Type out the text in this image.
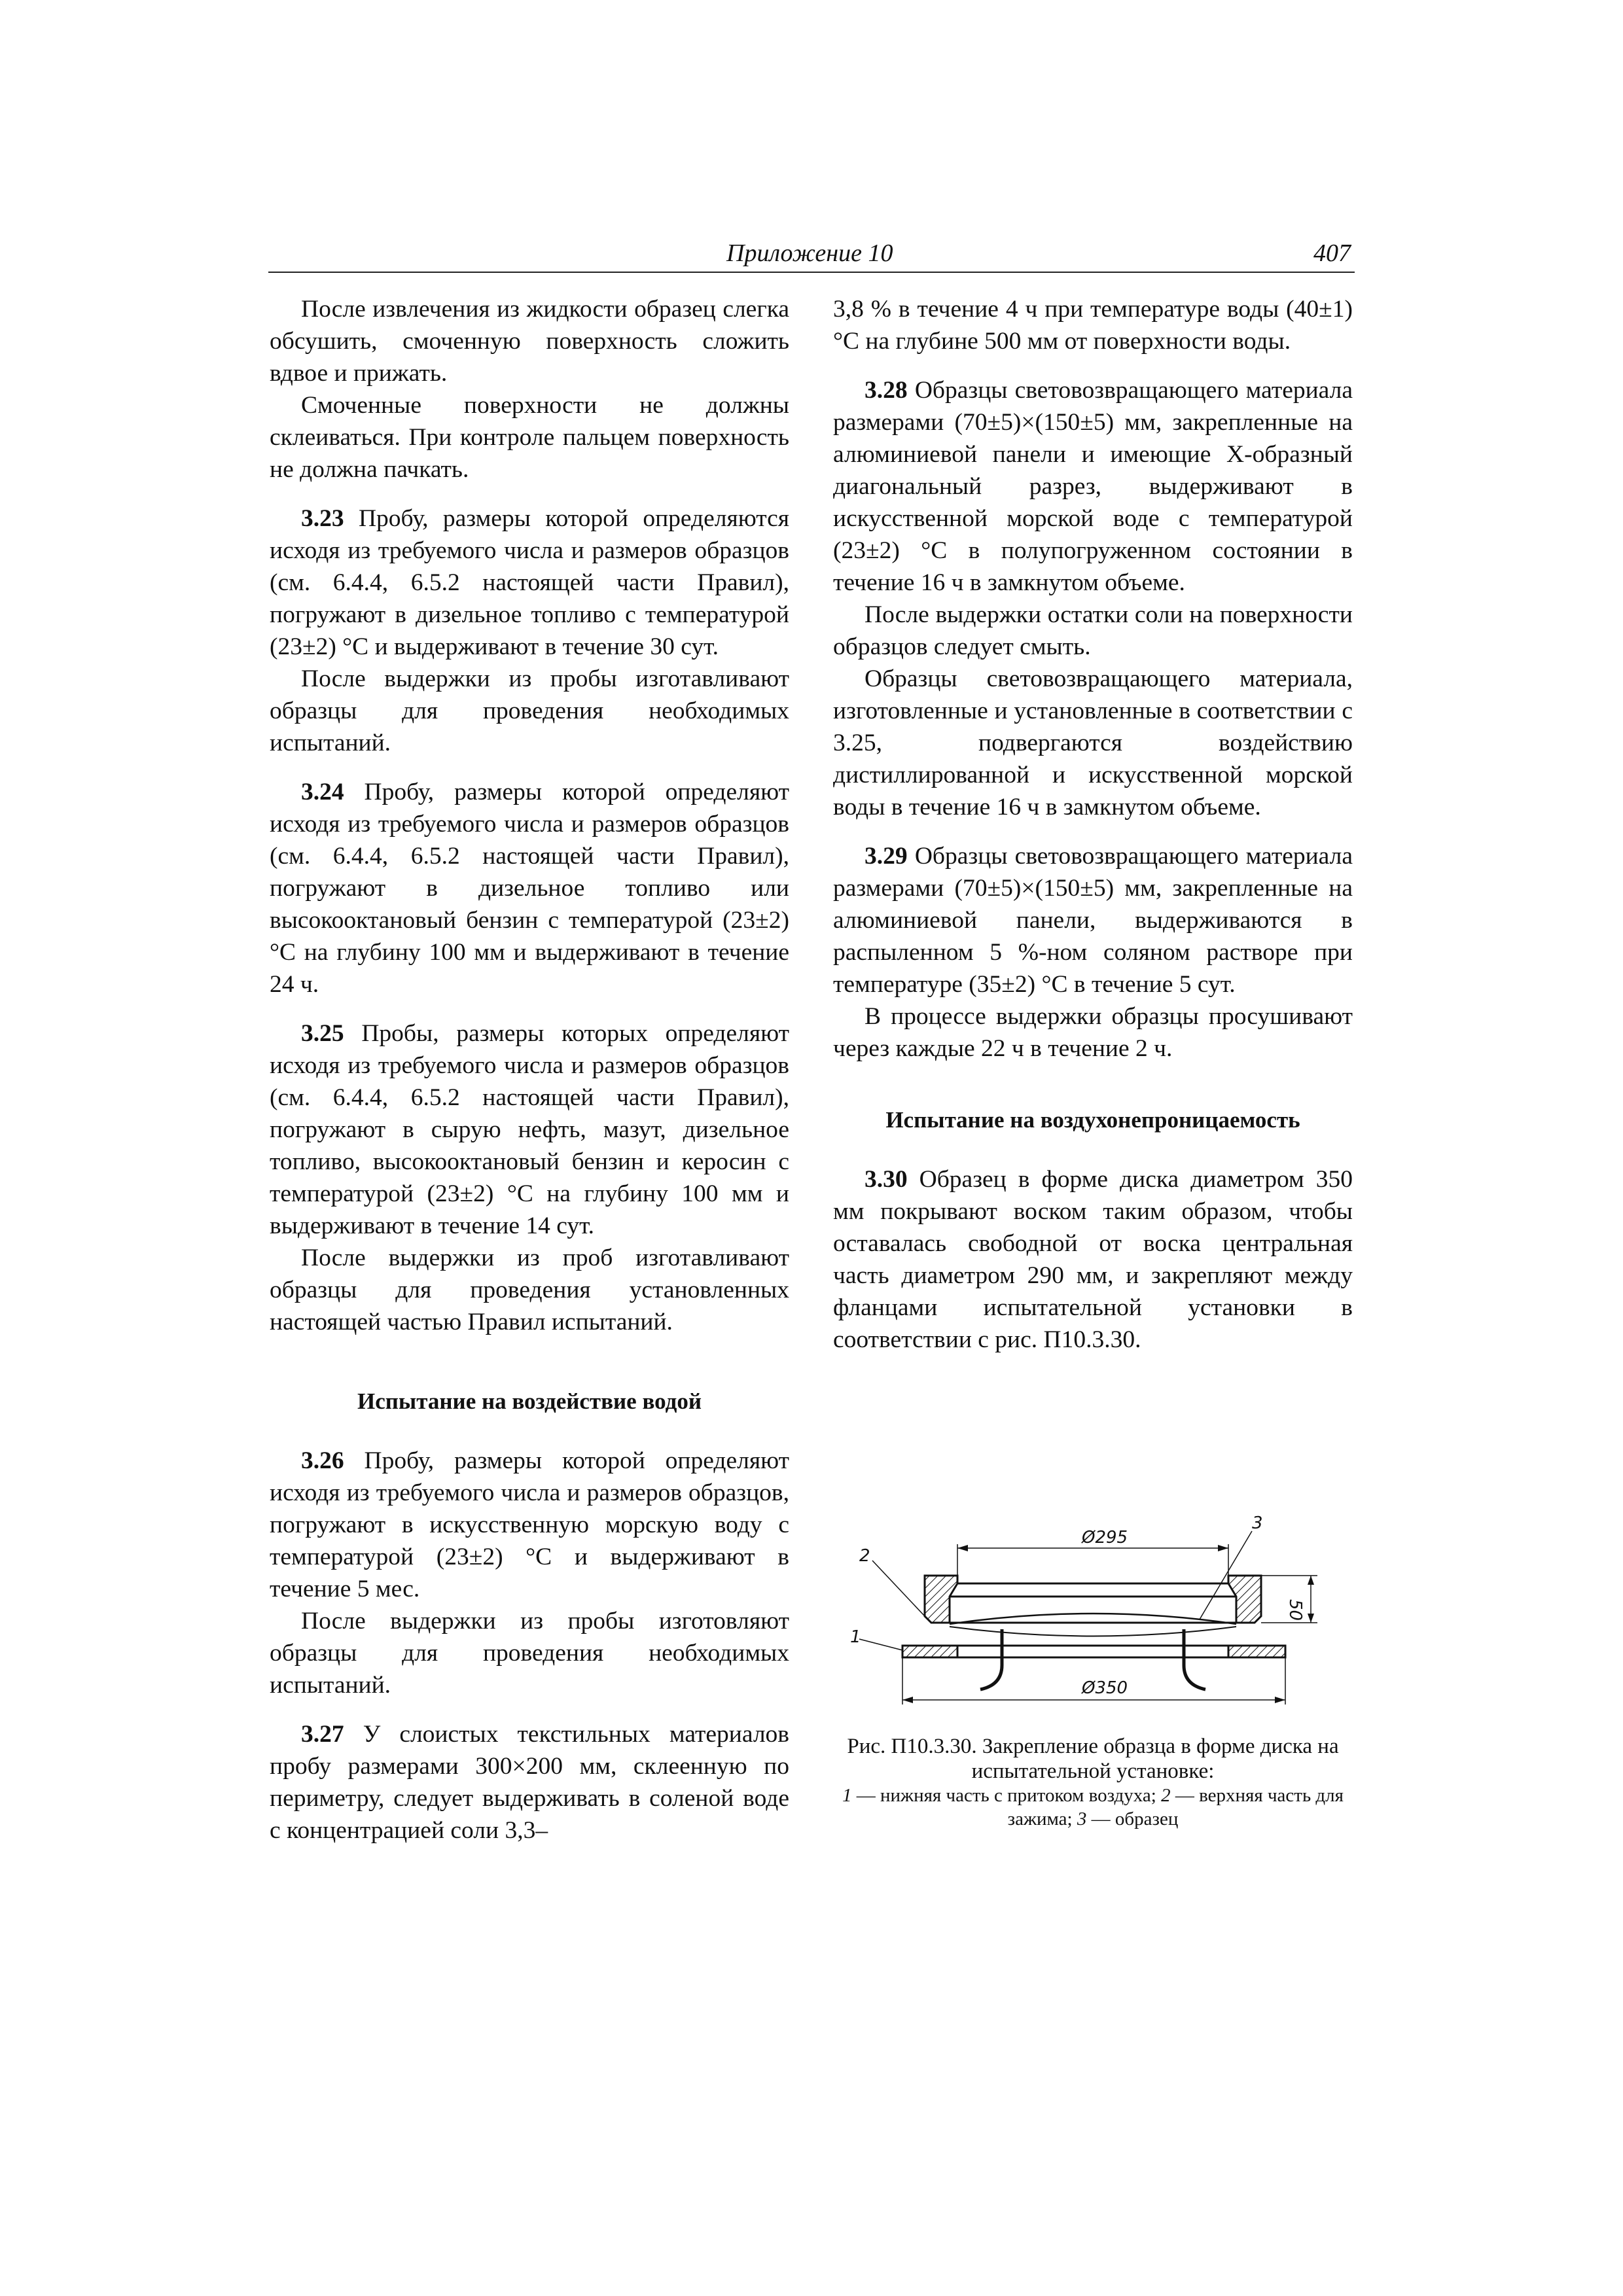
Приложение 10	407

После извлечения из жидкости образец слегка обсушить, смоченную поверхность сложить вдвое и прижать.

Смоченные поверхности не должны склеиваться. При контроле пальцем поверхность не должна пачкать.

3.23 Пробу, размеры которой определяются исходя из требуемого числа и размеров образцов (см. 6.4.4, 6.5.2 настоящей части Правил), погружают в дизельное топливо с температурой (23±2) °С и выдерживают в течение 30 сут.

После выдержки из пробы изготавливают образцы для проведения необходимых испытаний.

3.24 Пробу, размеры которой определяют исходя из требуемого числа и размеров образцов (см. 6.4.4, 6.5.2 настоящей части Правил), погружают в дизельное топливо или высокооктановый бензин с температурой (23±2) °С на глубину 100 мм и выдерживают в течение 24 ч.

3.25 Пробы, размеры которых определяют исходя из требуемого числа и размеров образцов (см. 6.4.4, 6.5.2 настоящей части Правил), погружают в сырую нефть, мазут, дизельное топливо, высокооктановый бензин и керосин с температурой (23±2) °С на глубину 100 мм и выдерживают в течение 14 сут.

После выдержки из проб изготавливают образцы для проведения установленных настоящей частью Правил испытаний.

Испытание на воздействие водой

3.26 Пробу, размеры которой определяют исходя из требуемого числа и размеров образцов, погружают в искусственную морскую воду с температурой (23±2) °С и выдерживают в течение 5 мес.

После выдержки из пробы изготовляют образцы для проведения необходимых испытаний.

3.27 У слоистых текстильных материалов пробу размерами 300×200 мм, склеенную по периметру, следует выдерживать в соленой воде с концентрацией соли 3,3–

3,8 % в течение 4 ч при температуре воды (40±1) °С на глубине 500 мм от поверхности воды.

3.28 Образцы световозвращающего материала размерами (70±5)×(150±5) мм, закрепленные на алюминиевой панели и имеющие Х-образный диагональный разрез, выдерживают в искусственной морской воде с температурой (23±2) °С в полупогруженном состоянии в течение 16 ч в замкнутом объеме.

После выдержки остатки соли на поверхности образцов следует смыть.

Образцы световозвращающего материала, изготовленные и установленные в соответствии с 3.25, подвергаются воздействию дистиллированной и искусственной морской воды в течение 16 ч в замкнутом объеме.

3.29 Образцы световозвращающего материала размерами (70±5)×(150±5) мм, закрепленные на алюминиевой панели, выдерживаются в распыленном 5 %-ном соляном растворе при температуре (35±2) °С в течение 5 сут.

В процессе выдержки образцы просушивают через каждые 22 ч в течение 2 ч.

Испытание на воздухонепроницаемость

3.30 Образец в форме диска диаметром 350 мм покрывают воском таким образом, чтобы оставалась свободной от воска центральная часть диаметром 290 мм, и закрепляют между фланцами испытательной установки в соответствии с рис. П10.3.30.

Ø295
Ø350
50
2
1
3
Рис. П10.3.30. Закрепление образца в форме диска на испытательной установке:
1 — нижняя часть с притоком воздуха; 2 — верхняя часть для зажима; 3 — образец
